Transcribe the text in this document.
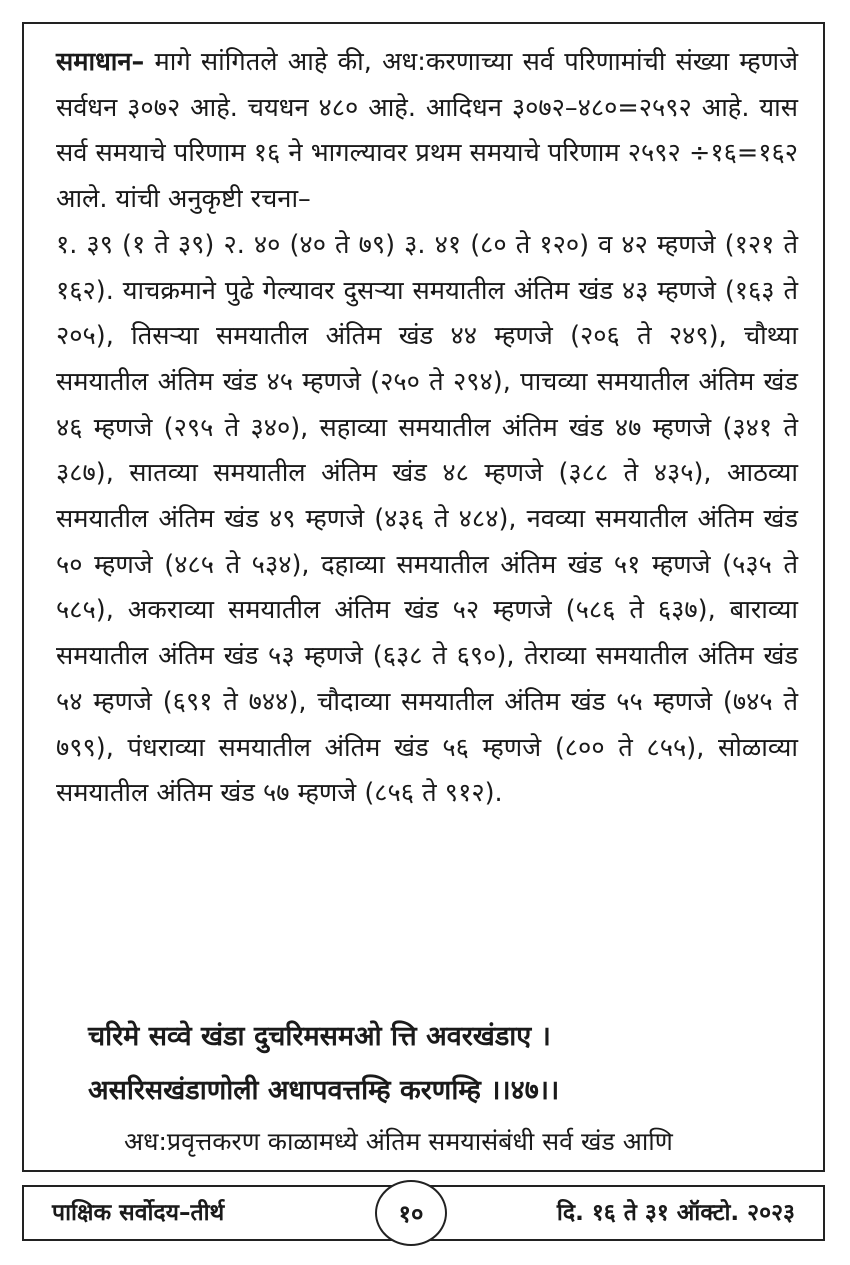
समाधान– मागे सांगितले आहे की, अध:करणाच्या सर्व परिणामांची संख्या म्हणजे सर्वधन ३०७२ आहे. चयधन ४८० आहे. आदिधन ३०७२–४८०=२५९२ आहे. यास सर्व समयाचे परिणाम १६ ने भागल्यावर प्रथम समयाचे परिणाम २५९२ ÷१६=१६२ आले. यांची अनुकृष्टी रचना–

१. ३९ (१ ते ३९) २. ४० (४० ते ७९) ३. ४१ (८० ते १२०) व ४२ म्हणजे (१२१ ते १६२). याचक्रमाने पुढे गेल्यावर दुसऱ्या समयातील अंतिम खंड ४३ म्हणजे (१६३ ते २०५), तिसऱ्या समयातील अंतिम खंड ४४ म्हणजे (२०६ ते २४९), चौथ्या समयातील अंतिम खंड ४५ म्हणजे (२५० ते २९४), पाचव्या समयातील अंतिम खंड ४६ म्हणजे (२९५ ते ३४०), सहाव्या समयातील अंतिम खंड ४७ म्हणजे (३४१ ते ३८७), सातव्या समयातील अंतिम खंड ४८ म्हणजे (३८८ ते ४३५), आठव्या समयातील अंतिम खंड ४९ म्हणजे (४३६ ते ४८४), नवव्या समयातील अंतिम खंड ५० म्हणजे (४८५ ते ५३४), दहाव्या समयातील अंतिम खंड ५१ म्हणजे (५३५ ते ५८५), अकराव्या समयातील अंतिम खंड ५२ म्हणजे (५८६ ते ६३७), बाराव्या समयातील अंतिम खंड ५३ म्हणजे (६३८ ते ६९०), तेराव्या समयातील अंतिम खंड ५४ म्हणजे (६९१ ते ७४४), चौदाव्या समयातील अंतिम खंड ५५ म्हणजे (७४५ ते ७९९), पंधराव्या समयातील अंतिम खंड ५६ म्हणजे (८०० ते ८५५), सोळाव्या समयातील अंतिम खंड ५७ म्हणजे (८५६ ते ९१२).

चरिमे सव्वे खंडा दुचरिमसमओ त्ति अवरखंडाए ।
असरिसखंडाणोली अधापवत्तम्हि करणम्हि ।।४७।।
अध:प्रवृत्तकरण काळामध्ये अंतिम समयासंबंधी सर्व खंड आणि
पाक्षिक सर्वोदय–तीर्थ	दि. १६ ते ३१ ऑक्टो. २०२३
१०
